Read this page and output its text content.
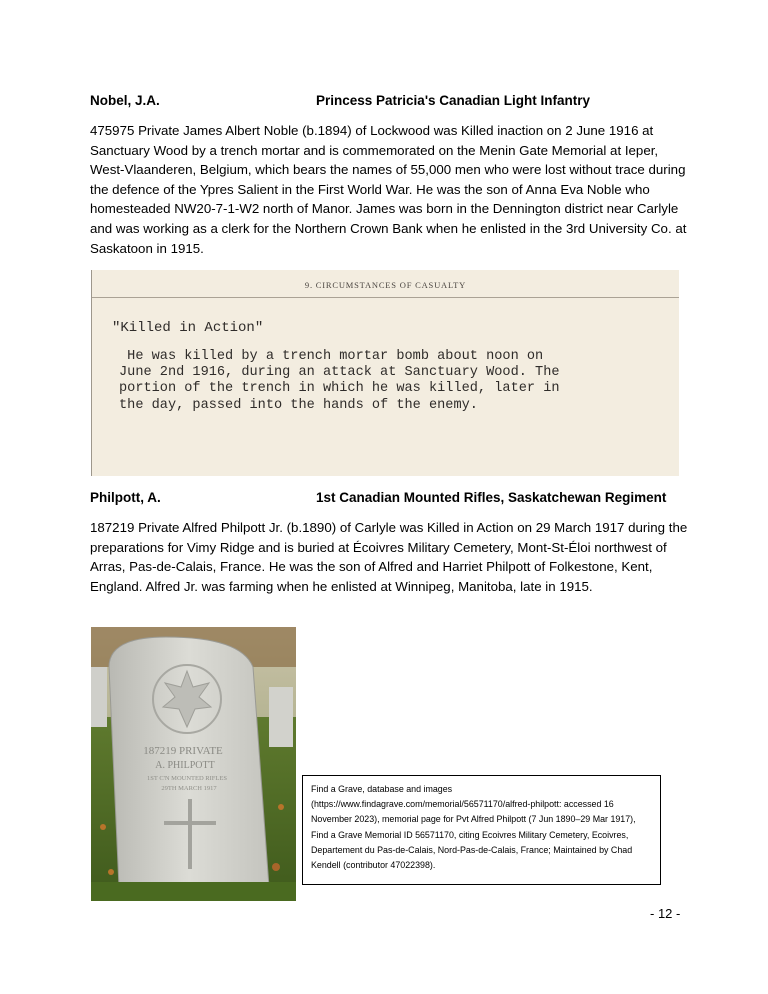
Nobel, J.A.	Princess Patricia's Canadian Light Infantry

475975 Private James Albert Noble (b.1894) of Lockwood was Killed inaction on 2 June 1916 at Sanctuary Wood by a trench mortar and is commemorated on the Menin Gate Memorial at Ieper, West-Vlaanderen, Belgium, which bears the names of 55,000 men who were lost without trace during the defence of the Ypres Salient in the First World War. He was the son of Anna Eva Noble who homesteaded NW20-7-1-W2 north of Manor. James was born in the Dennington district near Carlyle and was working as a clerk for the Northern Crown Bank when he enlisted in the 3rd University Co. at Saskatoon in 1915.

9. CIRCUMSTANCES OF CASUALTY
"Killed in Action"
He was killed by a trench mortar bomb about noon on
June 2nd 1916, during an attack at Sanctuary Wood. The
portion of the trench in which he was killed, later in
the day, passed into the hands of the enemy.
Philpott, A.	1st Canadian Mounted Rifles, Saskatchewan Regiment

187219 Private Alfred Philpott Jr. (b.1890) of Carlyle was Killed in Action on 29 March 1917 during the preparations for Vimy Ridge and is buried at Écoivres Military Cemetery, Mont-St-Éloi northwest of Arras, Pas-de-Calais, France. He was the son of Alfred and Harriet Philpott of Folkestone, Kent, England. Alfred Jr. was farming when he enlisted at Winnipeg, Manitoba, late in 1915.

187219 PRIVATE
A. PHILPOTT
1ST C'N MOUNTED RIFLES
29TH MARCH 1917	Find a Grave, database and images (https://www.findagrave.com/memorial/56571170/alfred-philpott: accessed 16 November 2023), memorial page for Pvt Alfred Philpott (7 Jun 1890–29 Mar 1917), Find a Grave Memorial ID 56571170, citing Ecoivres Military Cemetery, Ecoivres, Departement du Pas-de-Calais, Nord-Pas-de-Calais, France; Maintained by Chad Kendell (contributor 47022398).
- 12 -
